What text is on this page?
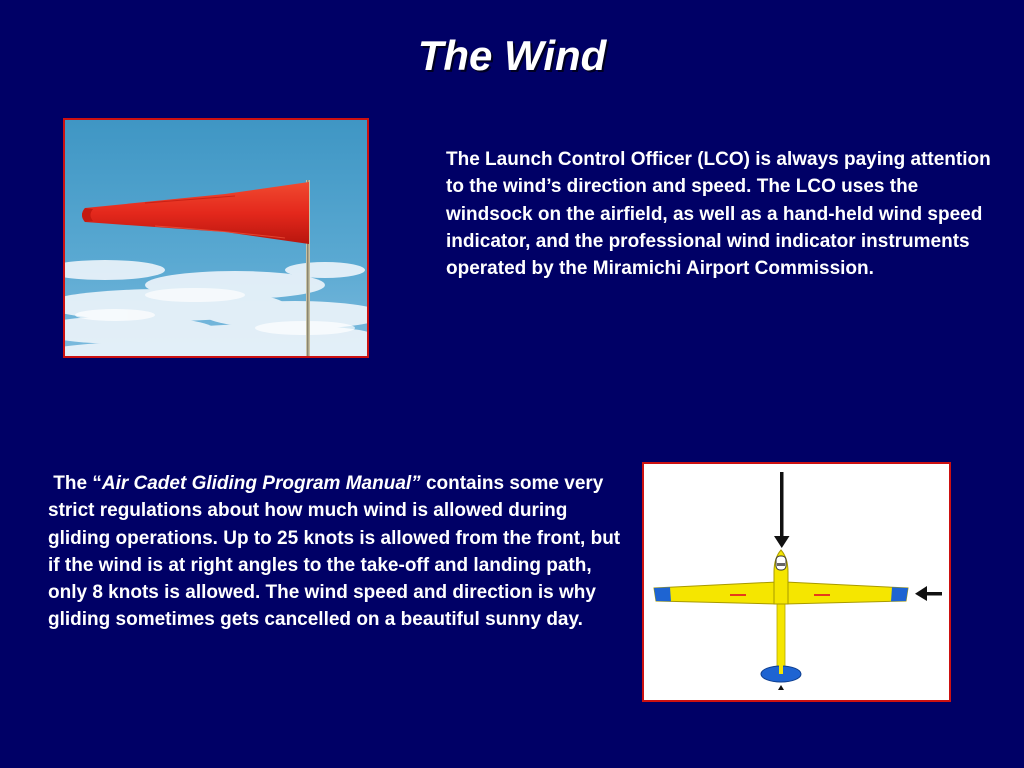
The Wind

The Launch Control Officer (LCO) is always paying attention to the wind’s direction and speed. The LCO uses the windsock on the airfield, as well as a hand-held wind speed indicator, and the professional wind indicator instruments operated by the Miramichi Airport Commission.

The “Air Cadet Gliding Program Manual” contains some very strict regulations about how much wind is allowed during gliding operations. Up to 25 knots is allowed from the front, but if the wind is at right angles to the take-off and landing path, only 8 knots is allowed. The wind speed and direction is why gliding sometimes gets cancelled on a beautiful sunny day.
